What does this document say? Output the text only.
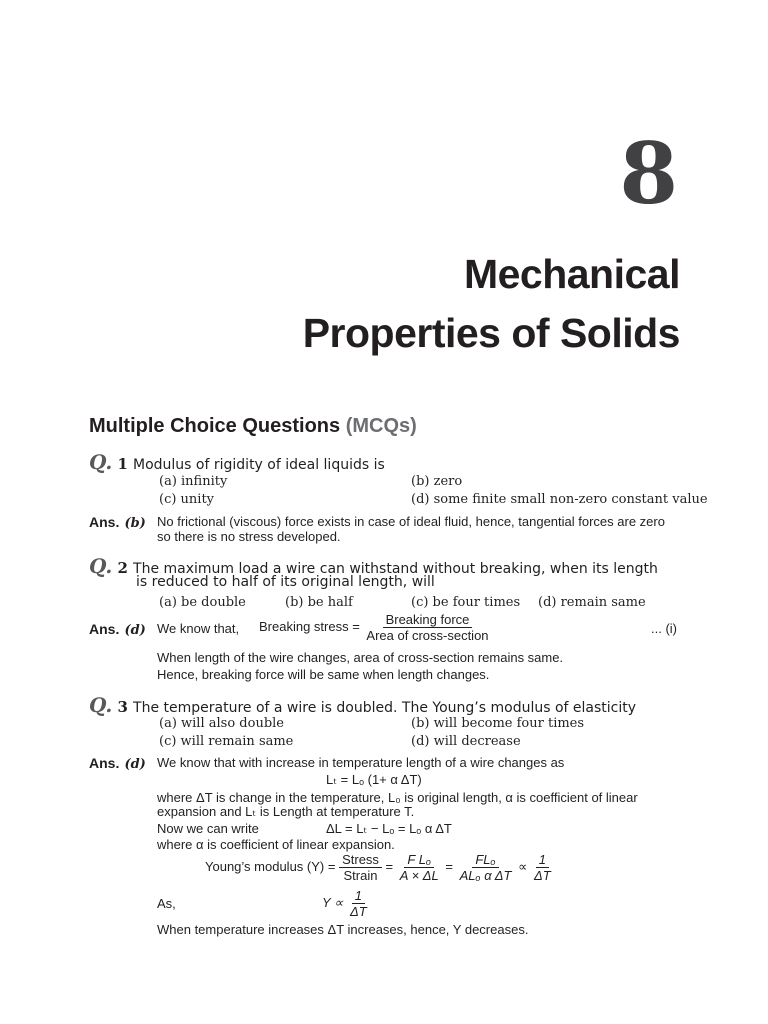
8
Mechanical
Properties of Solids
Multiple Choice Questions (MCQs)
Q. 1 Modulus of rigidity of ideal liquids is
(a) infinity	(b) zero
(c) unity	(d) some finite small non-zero constant value
Ans. (b) No frictional (viscous) force exists in case of ideal fluid, hence, tangential forces are zero so there is no stress developed.
Q. 2 The maximum load a wire can withstand without breaking, when its length
is reduced to half of its original length, will
(a) be double	(b) be half	(c) be four times (d) remain same
Ans. (d) We know that, Breaking stress = $\frac{\text{Breaking force}}{\text{Area of cross-section}}$	... (i)
When length of the wire changes, area of cross-section remains same.
Hence, breaking force will be same when length changes.
Q. 3 The temperature of a wire is doubled. The Young’s modulus of elasticity
(a) will also double	(b) will become four times
(c) will remain same	(d) will decrease
Ans. (d) We know that with increase in temperature length of a wire changes as
Lₜ = Lₒ (1+ α ΔT)
where ΔT is change in the temperature, L₀ is original length, α is coefficient of linear
expansion and Lₜ is Length at temperature T.
Now we can write	ΔL = Lₜ − Lₒ = Lₒ α ΔT
where α is coefficient of linear expansion.
Young’s modulus $(Y) = \frac{\text{Stress}}{\text{Strain}} = \frac{\text{F Lₒ}}{A \times \Delta L} = \frac{\text{FLₒ}}{\text{ALₒ α ΔT}} \propto \frac{1}{\Delta T}$
As,	$Y \propto \frac{1}{\Delta T}$
When temperature increases ΔT increases, hence, Y decreases.
